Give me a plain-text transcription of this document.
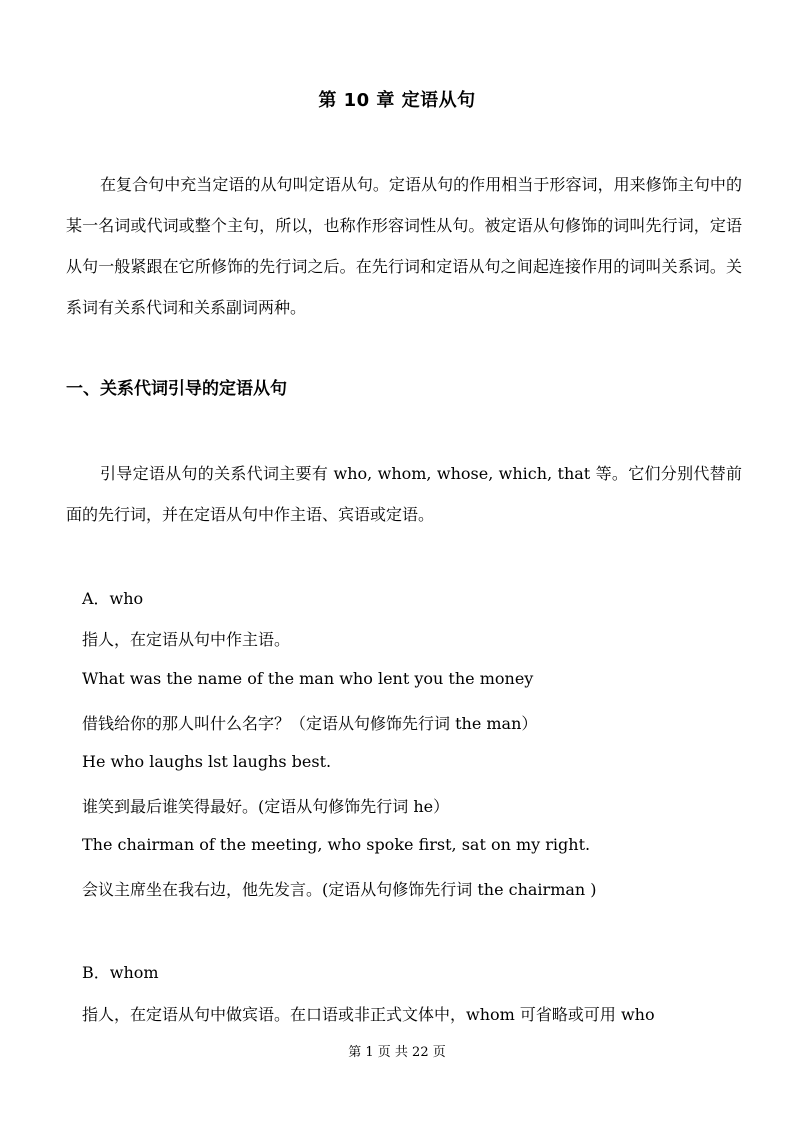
第 10 章 定语从句

在复合句中充当定语的从句叫定语从句。定语从句的作用相当于形容词，用来修饰主句中的某一名词或代词或整个主句，所以，也称作形容词性从句。被定语从句修饰的词叫先行词，定语从句一般紧跟在它所修饰的先行词之后。在先行词和定语从句之间起连接作用的词叫关系词。关系词有关系代词和关系副词两种。

一、关系代词引导的定语从句

引导定语从句的关系代词主要有 who, whom, whose, which, that 等。它们分别代替前面的先行词，并在定语从句中作主语、宾语或定语。

A．who

指人，在定语从句中作主语。

What was the name of the man who lent you the money

借钱给你的那人叫什么名字？（定语从句修饰先行词 the man）

He who laughs lst laughs best.

谁笑到最后谁笑得最好。(定语从句修饰先行词 he）

The chairman of the meeting, who spoke first, sat on my right.

会议主席坐在我右边，他先发言。(定语从句修饰先行词 the chairman )

B．whom

指人，在定语从句中做宾语。在口语或非正式文体中，whom 可省略或可用 who

第 1 页 共 22 页
